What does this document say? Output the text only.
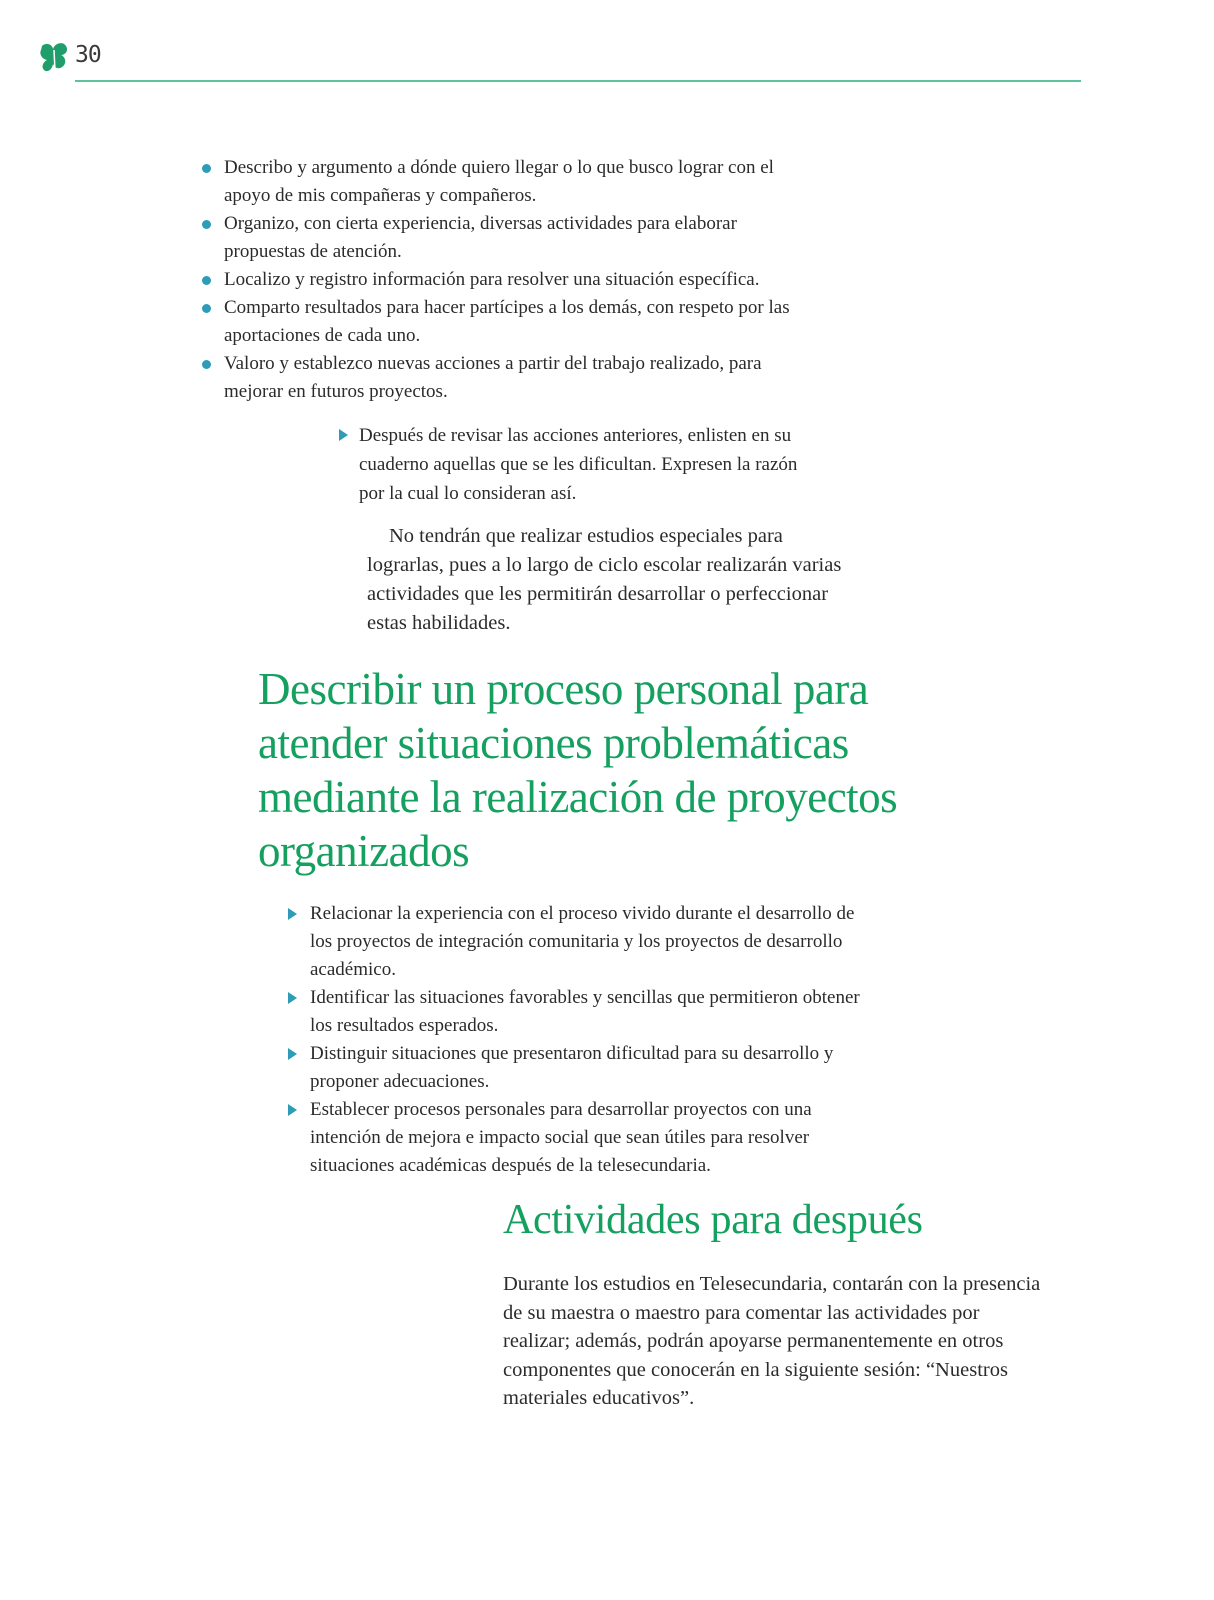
30
Describo y argumento a dónde quiero llegar o lo que busco lograr con el apoyo de mis compañeras y compañeros.
Organizo, con cierta experiencia, diversas actividades para elaborar propuestas de atención.
Localizo y registro información para resolver una situación específica.
Comparto resultados para hacer partícipes a los demás, con respeto por las aportaciones de cada uno.
Valoro y establezco nuevas acciones a partir del trabajo realizado, para mejorar en futuros proyectos.
Después de revisar las acciones anteriores, enlisten en su cuaderno aquellas que se les dificultan. Expresen la razón por la cual lo consideran así.

No tendrán que realizar estudios especiales para lograrlas, pues a lo largo de ciclo escolar realizarán varias actividades que les permitirán desarrollar o perfeccionar estas habilidades.

Describir un proceso personal para atender situaciones problemáticas mediante la realización de proyectos organizados
Relacionar la experiencia con el proceso vivido durante el desarrollo de los proyectos de integración comunitaria y los proyectos de desarrollo académico.
Identificar las situaciones favorables y sencillas que permitieron obtener los resultados esperados.
Distinguir situaciones que presentaron dificultad para su desarrollo y proponer adecuaciones.
Establecer procesos personales para desarrollar proyectos con una intención de mejora e impacto social que sean útiles para resolver situaciones académicas después de la telesecundaria.
Actividades para después

Durante los estudios en Telesecundaria, contarán con la presencia de su maestra o maestro para comentar las actividades por realizar; además, podrán apoyarse permanentemente en otros componentes que conocerán en la siguiente sesión: “Nuestros materiales educativos”.
